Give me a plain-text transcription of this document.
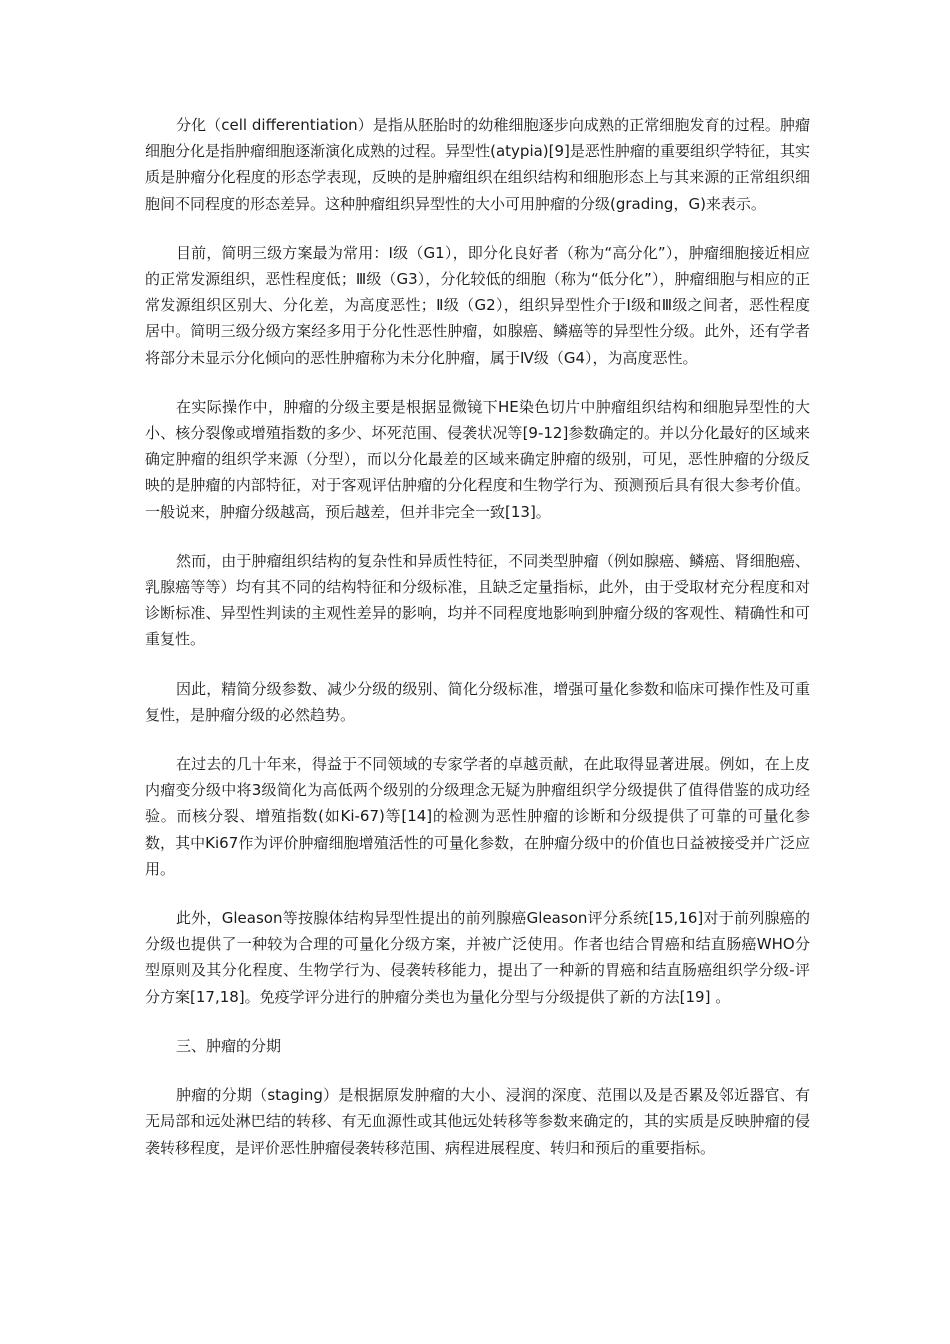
分化（cell differentiation）是指从胚胎时的幼稚细胞逐步向成熟的正常细胞发育的过程。肿瘤细胞分化是指肿瘤细胞逐渐演化成熟的过程。异型性(atypia)[9]是恶性肿瘤的重要组织学特征，其实质是肿瘤分化程度的形态学表现，反映的是肿瘤组织在组织结构和细胞形态上与其来源的正常组织细胞间不同程度的形态差异。这种肿瘤组织异型性的大小可用肿瘤的分级(grading，G)来表示。

目前，简明三级方案最为常用：Ⅰ级（G1），即分化良好者（称为“高分化”），肿瘤细胞接近相应的正常发源组织，恶性程度低；Ⅲ级（G3），分化较低的细胞（称为“低分化”），肿瘤细胞与相应的正常发源组织区别大、分化差，为高度恶性；Ⅱ级（G2），组织异型性介于Ⅰ级和Ⅲ级之间者，恶性程度居中。简明三级分级方案经多用于分化性恶性肿瘤，如腺癌、鳞癌等的异型性分级。此外，还有学者将部分未显示分化倾向的恶性肿瘤称为未分化肿瘤，属于Ⅳ级（G4），为高度恶性。

在实际操作中，肿瘤的分级主要是根据显微镜下HE染色切片中肿瘤组织结构和细胞异型性的大小、核分裂像或增殖指数的多少、坏死范围、侵袭状况等[9-12]参数确定的。并以分化最好的区域来确定肿瘤的组织学来源（分型），而以分化最差的区域来确定肿瘤的级别，可见，恶性肿瘤的分级反映的是肿瘤的内部特征，对于客观评估肿瘤的分化程度和生物学行为、预测预后具有很大参考价值。一般说来，肿瘤分级越高，预后越差，但并非完全一致[13]。

然而，由于肿瘤组织结构的复杂性和异质性特征，不同类型肿瘤（例如腺癌、鳞癌、肾细胞癌、乳腺癌等等）均有其不同的结构特征和分级标准，且缺乏定量指标，此外，由于受取材充分程度和对诊断标准、异型性判读的主观性差异的影响，均并不同程度地影响到肿瘤分级的客观性、精确性和可重复性。

因此，精简分级参数、减少分级的级别、简化分级标准，增强可量化参数和临床可操作性及可重复性，是肿瘤分级的必然趋势。

在过去的几十年来，得益于不同领域的专家学者的卓越贡献，在此取得显著进展。例如，在上皮内瘤变分级中将3级简化为高低两个级别的分级理念无疑为肿瘤组织学分级提供了值得借鉴的成功经验。而核分裂、增殖指数(如Ki-67)等[14]的检测为恶性肿瘤的诊断和分级提供了可靠的可量化参数，其中Ki67作为评价肿瘤细胞增殖活性的可量化参数，在肿瘤分级中的价值也日益被接受并广泛应用。

此外，Gleason等按腺体结构异型性提出的前列腺癌Gleason评分系统[15,16]对于前列腺癌的分级也提供了一种较为合理的可量化分级方案，并被广泛使用。作者也结合胃癌和结直肠癌WHO分型原则及其分化程度、生物学行为、侵袭转移能力，提出了一种新的胃癌和结直肠癌组织学分级-评分方案[17,18]。免疫学评分进行的肿瘤分类也为量化分型与分级提供了新的方法[19] 。

三、肿瘤的分期

肿瘤的分期（staging）是根据原发肿瘤的大小、浸润的深度、范围以及是否累及邻近器官、有无局部和远处淋巴结的转移、有无血源性或其他远处转移等参数来确定的，其的实质是反映肿瘤的侵袭转移程度，是评价恶性肿瘤侵袭转移范围、病程进展程度、转归和预后的重要指标。
